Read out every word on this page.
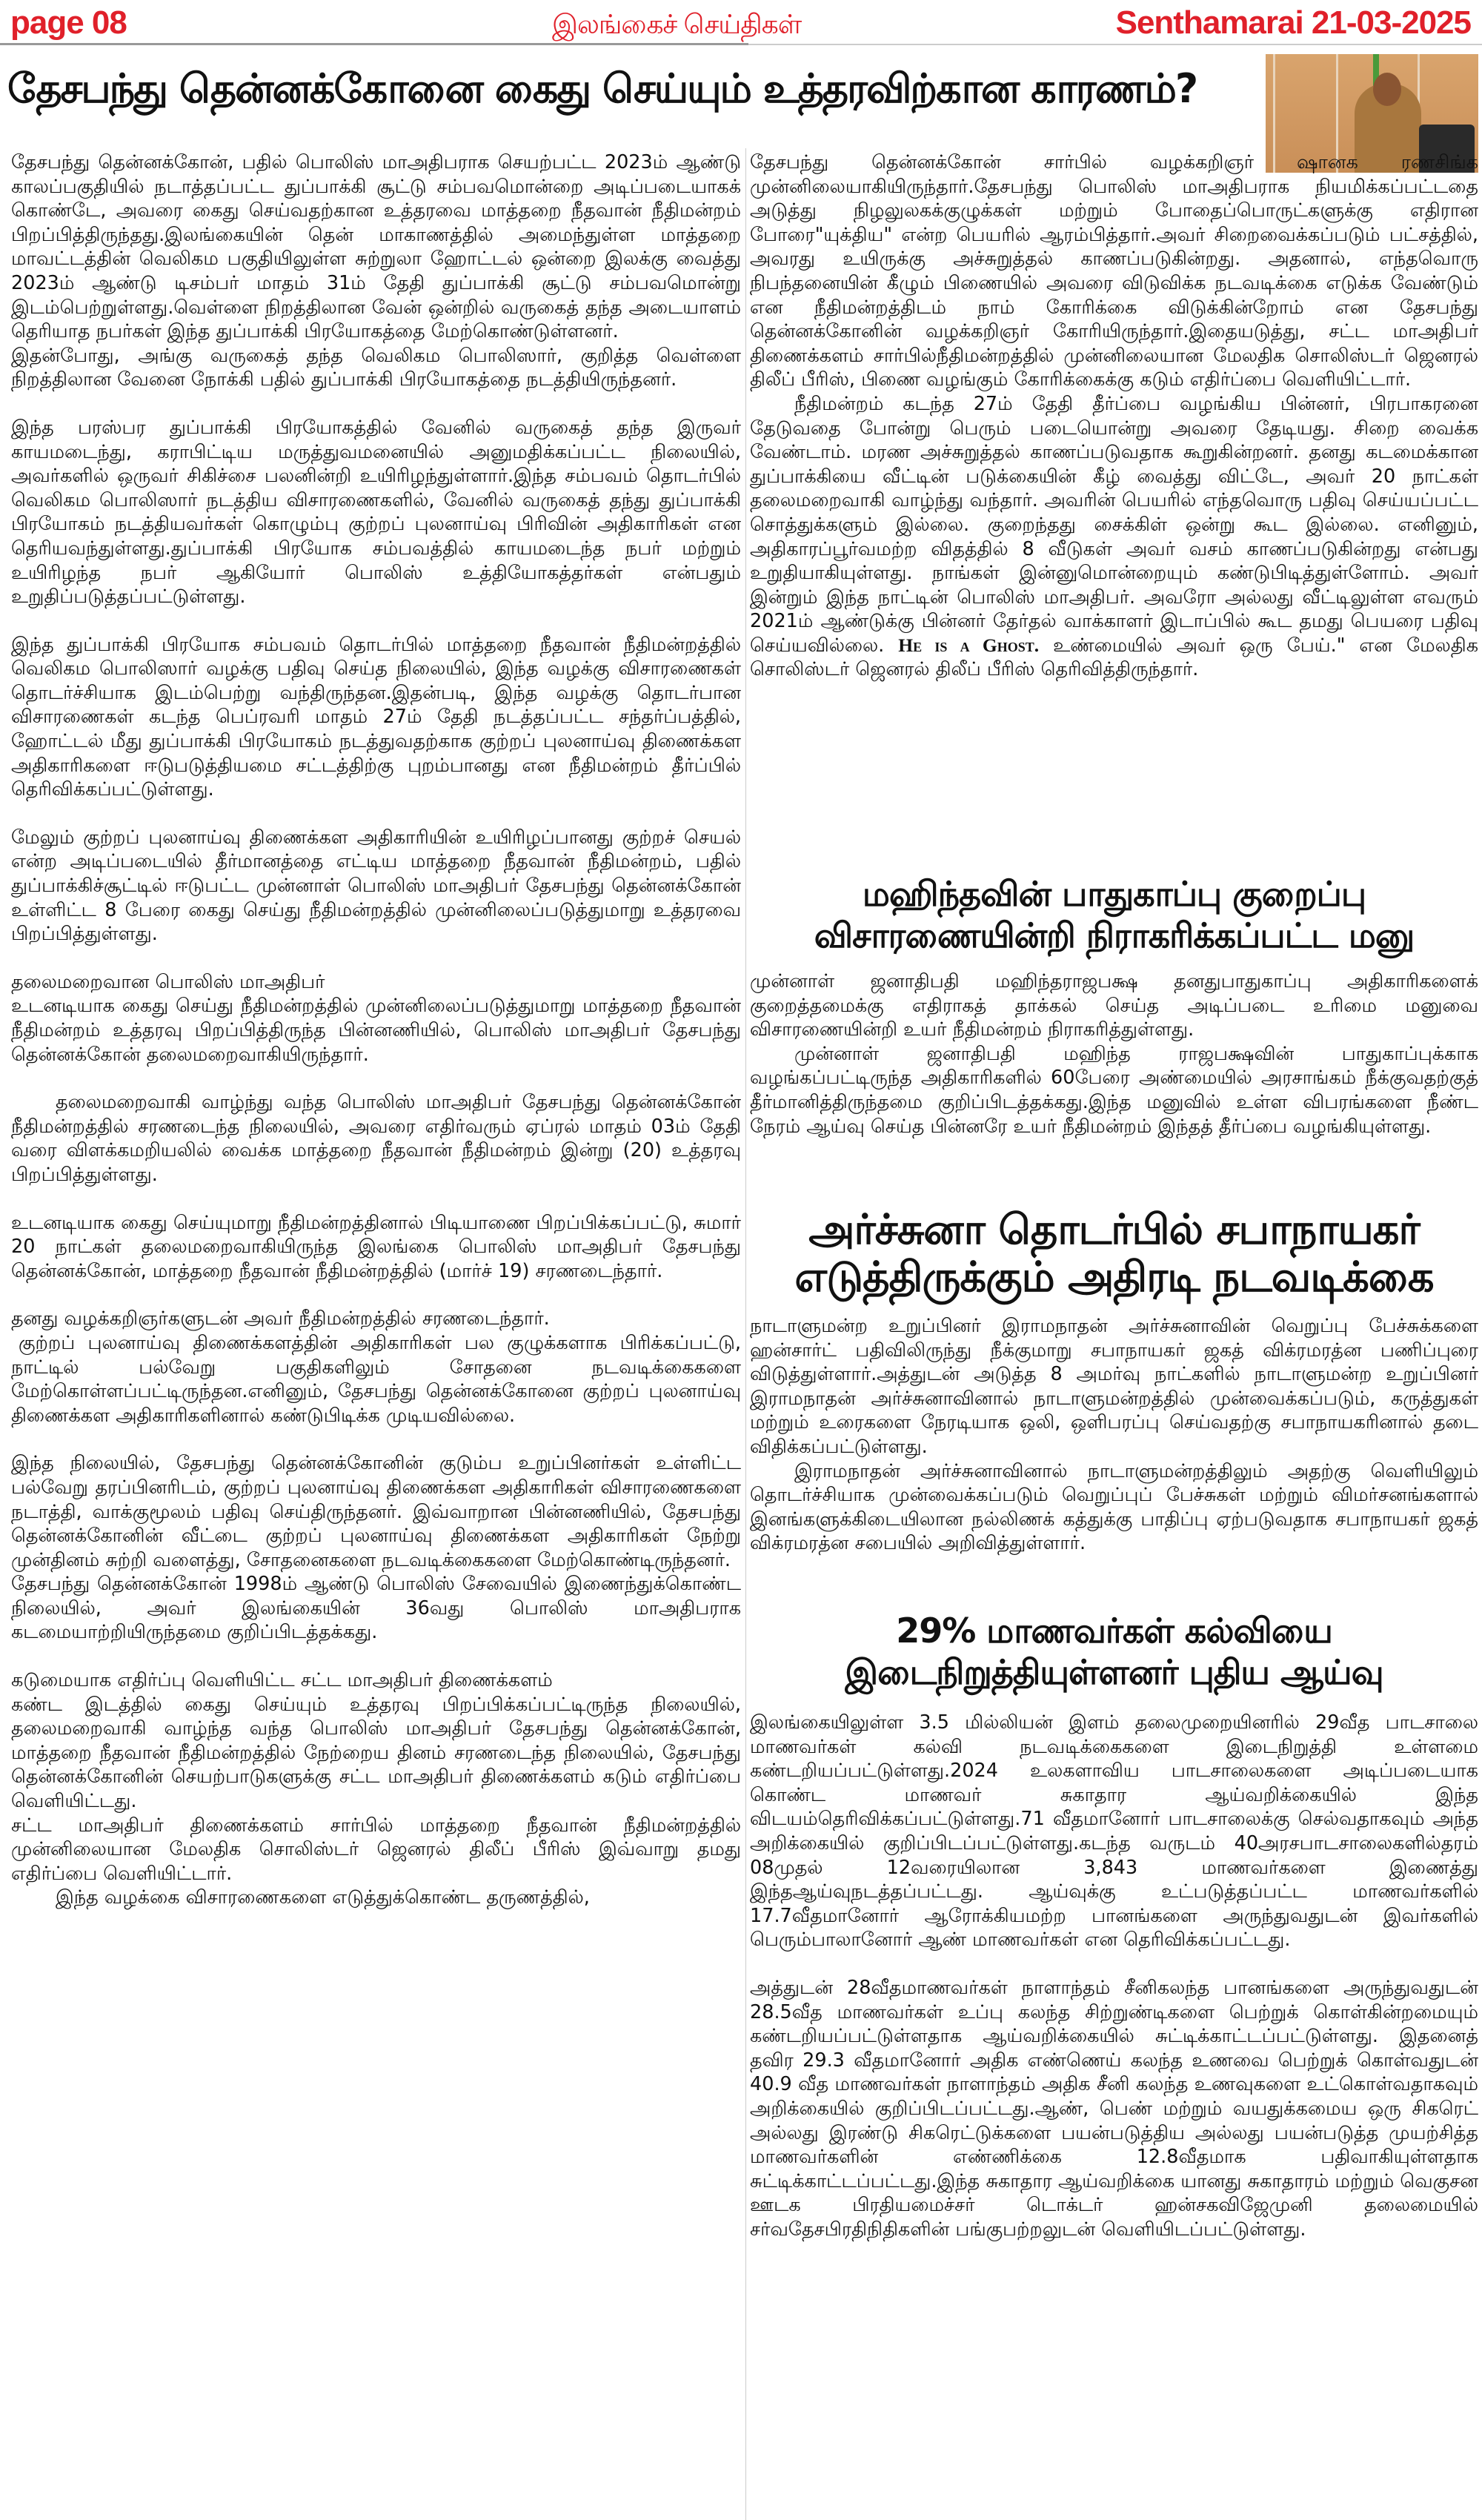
page 08	இலங்கைச் செய்திகள்	Senthamarai 21-03-2025
தேசபந்து தென்னக்கோனை கைது செய்யும் உத்தரவிற்கான காரணம்?

தேசபந்து தென்னக்கோன், பதில் பொலிஸ் மாஅதிபராக செயற்பட்ட 2023ம் ஆண்டு காலப்பகுதியில் நடாத்தப்பட்ட துப்பாக்கி சூட்டு சம்பவமொன்றை அடிப்படையாகக் கொண்டே, அவரை கைது செய்வதற்கான உத்தரவை மாத்தறை நீதவான் நீதிமன்றம் பிறப்பித்திருந்தது.இலங்கையின் தென் மாகாணத்தில் அமைந்துள்ள மாத்தறை மாவட்டத்தின் வெலிகம பகுதியிலுள்ள சுற்றுலா ஹோட்டல் ஒன்றை இலக்கு வைத்து 2023ம் ஆண்டு டிசம்பர் மாதம் 31ம் தேதி துப்பாக்கி சூட்டு சம்பவமொன்று இடம்பெற்றுள்ளது.வெள்ளை நிறத்திலான வேன் ஒன்றில் வருகைத் தந்த அடையாளம் தெரியாத நபர்கள் இந்த துப்பாக்கி பிரயோகத்தை மேற்கொண்டுள்ளனர்.

இதன்போது, அங்கு வருகைத் தந்த வெலிகம பொலிஸார், குறித்த வெள்ளை நிறத்திலான வேனை நோக்கி பதில் துப்பாக்கி பிரயோகத்தை நடத்தியிருந்தனர்.

இந்த பரஸ்பர துப்பாக்கி பிரயோகத்தில் வேனில் வருகைத் தந்த இருவர் காயமடைந்து, கராபிட்டிய மருத்துவமனையில் அனுமதிக்கப்பட்ட நிலையில், அவர்களில் ஒருவர் சிகிச்சை பலனின்றி உயிரிழந்துள்ளார்.இந்த சம்பவம் தொடர்பில் வெலிகம பொலிஸார் நடத்திய விசாரணைகளில், வேனில் வருகைத் தந்து துப்பாக்கி பிரயோகம் நடத்தியவர்கள் கொழும்பு குற்றப் புலனாய்வு பிரிவின் அதிகாரிகள் என தெரியவந்துள்ளது.துப்பாக்கி பிரயோக சம்பவத்தில் காயமடைந்த நபர் மற்றும் உயிரிழந்த நபர் ஆகியோர் பொலிஸ் உத்தியோகத்தர்கள் என்பதும் உறுதிப்படுத்தப்பட்டுள்ளது.

இந்த துப்பாக்கி பிரயோக சம்பவம் தொடர்பில் மாத்தறை நீதவான் நீதிமன்றத்தில் வெலிகம பொலிஸார் வழக்கு பதிவு செய்த நிலையில், இந்த வழக்கு விசாரணைகள் தொடர்ச்சியாக இடம்பெற்று வந்திருந்தன.இதன்படி, இந்த வழக்கு தொடர்பான விசாரணைகள் கடந்த பெப்ரவரி மாதம் 27ம் தேதி நடத்தப்பட்ட சந்தர்ப்பத்தில், ஹோட்டல் மீது துப்பாக்கி பிரயோகம் நடத்துவதற்காக குற்றப் புலனாய்வு திணைக்கள அதிகாரிகளை ஈடுபடுத்தியமை சட்டத்திற்கு புறம்பானது என நீதிமன்றம் தீர்ப்பில் தெரிவிக்கப்பட்டுள்ளது.

மேலும் குற்றப் புலனாய்வு திணைக்கள அதிகாரியின் உயிரிழப்பானது குற்றச் செயல் என்ற அடிப்படையில் தீர்மானத்தை எட்டிய மாத்தறை நீதவான் நீதிமன்றம், பதில் துப்பாக்கிச்சூட்டில் ஈடுபட்ட முன்னாள் பொலிஸ் மாஅதிபர் தேசபந்து தென்னக்கோன் உள்ளிட்ட 8 பேரை கைது செய்து நீதிமன்றத்தில் முன்னிலைப்படுத்துமாறு உத்தரவை பிறப்பித்துள்ளது.

தலைமறைவான பொலிஸ் மாஅதிபர்

உடனடியாக கைது செய்து நீதிமன்றத்தில் முன்னிலைப்படுத்துமாறு மாத்தறை நீதவான் நீதிமன்றம் உத்தரவு பிறப்பித்திருந்த பின்னணியில், பொலிஸ் மாஅதிபர் தேசபந்து தென்னக்கோன் தலைமறைவாகியிருந்தார்.

தலைமறைவாகி வாழ்ந்து வந்த பொலிஸ் மாஅதிபர் தேசபந்து தென்னக்கோன் நீதிமன்றத்தில் சரணடைந்த நிலையில், அவரை எதிர்வரும் ஏப்ரல் மாதம் 03ம் தேதி வரை விளக்கமறியலில் வைக்க மாத்தறை நீதவான் நீதிமன்றம் இன்று (20) உத்தரவு பிறப்பித்துள்ளது.

உடனடியாக கைது செய்யுமாறு நீதிமன்றத்தினால் பிடியாணை பிறப்பிக்கப்பட்டு, சுமார் 20 நாட்கள் தலைமறைவாகியிருந்த இலங்கை பொலிஸ் மாஅதிபர் தேசபந்து தென்னக்கோன், மாத்தறை நீதவான் நீதிமன்றத்தில் (மார்ச் 19) சரணடைந்தார்.

தனது வழக்கறிஞர்களுடன் அவர் நீதிமன்றத்தில் சரணடைந்தார்.

குற்றப் புலனாய்வு திணைக்களத்தின் அதிகாரிகள் பல குழுக்களாக பிரிக்கப்பட்டு, நாட்டில் பல்வேறு பகுதிகளிலும் சோதனை நடவடிக்கைகளை மேற்கொள்ளப்பட்டிருந்தன.எனினும், தேசபந்து தென்னக்கோனை குற்றப் புலனாய்வு திணைக்கள அதிகாரிகளினால் கண்டுபிடிக்க முடியவில்லை.

இந்த நிலையில், தேசபந்து தென்னக்கோனின் குடும்ப உறுப்பினர்கள் உள்ளிட்ட பல்வேறு தரப்பினரிடம், குற்றப் புலனாய்வு திணைக்கள அதிகாரிகள் விசாரணைகளை நடாத்தி, வாக்குமூலம் பதிவு செய்திருந்தனர். இவ்வாறான பின்னணியில், தேசபந்து தென்னக்கோனின் வீட்டை குற்றப் புலனாய்வு திணைக்கள அதிகாரிகள் நேற்று முன்தினம் சுற்றி வளைத்து, சோதனைகளை நடவடிக்கைகளை மேற்கொண்டிருந்தனர்.

தேசபந்து தென்னக்கோன் 1998ம் ஆண்டு பொலிஸ் சேவையில் இணைந்துக்கொண்ட நிலையில், அவர் இலங்கையின் 36வது பொலிஸ் மாஅதிபராக கடமையாற்றியிருந்தமை குறிப்பிடத்தக்கது.

கடுமையாக எதிர்ப்பு வெளியிட்ட சட்ட மாஅதிபர் திணைக்களம்

கண்ட இடத்தில் கைது செய்யும் உத்தரவு பிறப்பிக்கப்பட்டிருந்த நிலையில், தலைமறைவாகி வாழ்ந்த வந்த பொலிஸ் மாஅதிபர் தேசபந்து தென்னக்கோன், மாத்தறை நீதவான் நீதிமன்றத்தில் நேற்றைய தினம் சரணடைந்த நிலையில், தேசபந்து தென்னக்கோனின் செயற்பாடுகளுக்கு சட்ட மாஅதிபர் திணைக்களம் கடும் எதிர்ப்பை வெளியிட்டது.

சட்ட மாஅதிபர் திணைக்களம் சார்பில் மாத்தறை நீதவான் நீதிமன்றத்தில் முன்னிலையான மேலதிக சொலிஸ்டர் ஜெனரல் திலீப் பீரிஸ் இவ்வாறு தமது எதிர்ப்பை வெளியிட்டார்.

இந்த வழக்கை விசாரணைகளை எடுத்துக்கொண்ட தருணத்தில்,

தேசபந்து தென்னக்கோன் சார்பில் வழக்கறிஞர் ஷானக ரணசிங்க முன்னிலையாகியிருந்தார்.தேசபந்து பொலிஸ் மாஅதிபராக நியமிக்கப்பட்டதை அடுத்து நிழலுலகக்குழுக்கள் மற்றும் போதைப்பொருட்களுக்கு எதிரான போரை"யுக்திய" என்ற பெயரில் ஆரம்பித்தார்.அவர் சிறைவைக்கப்படும் பட்சத்தில், அவரது உயிருக்கு அச்சுறுத்தல் காணப்படுகின்றது. அதனால், எந்தவொரு நிபந்தனையின் கீழும் பிணையில் அவரை விடுவிக்க நடவடிக்கை எடுக்க வேண்டும் என நீதிமன்றத்திடம் நாம் கோரிக்கை விடுக்கின்றோம் என தேசபந்து தென்னக்கோனின் வழக்கறிஞர் கோரியிருந்தார்.இதையடுத்து, சட்ட மாஅதிபர் திணைக்களம் சார்பில்நீதிமன்றத்தில் முன்னிலையான மேலதிக சொலிஸ்டர் ஜெனரல் திலீப் பீரிஸ், பிணை வழங்கும் கோரிக்கைக்கு கடும் எதிர்ப்பை வெளியிட்டார்.

நீதிமன்றம் கடந்த 27ம் தேதி தீர்ப்பை வழங்கிய பின்னர், பிரபாகரனை தேடுவதை போன்று பெரும் படையொன்று அவரை தேடியது. சிறை வைக்க வேண்டாம். மரண அச்சுறுத்தல் காணப்படுவதாக கூறுகின்றனர். தனது கடமைக்கான துப்பாக்கியை வீட்டின் படுக்கையின் கீழ் வைத்து விட்டே, அவர் 20 நாட்கள் தலைமறைவாகி வாழ்ந்து வந்தார். அவரின் பெயரில் எந்தவொரு பதிவு செய்யப்பட்ட சொத்துக்களும் இல்லை. குறைந்தது சைக்கிள் ஒன்று கூட இல்லை. எனினும், அதிகாரப்பூர்வமற்ற விதத்தில் 8 வீடுகள் அவர் வசம் காணப்படுகின்றது என்பது உறுதியாகியுள்ளது. நாங்கள் இன்னுமொன்றையும் கண்டுபிடித்துள்ளோம். அவர் இன்றும் இந்த நாட்டின் பொலிஸ் மாஅதிபர். அவரோ அல்லது வீட்டிலுள்ள எவரும் 2021ம் ஆண்டுக்கு பின்னர் தேர்தல் வாக்காளர் இடாப்பில் கூட தமது பெயரை பதிவு செய்யவில்லை. He is a Ghost. உண்மையில் அவர் ஒரு பேய்." என மேலதிக சொலிஸ்டர் ஜெனரல் திலீப் பீரிஸ் தெரிவித்திருந்தார்.

மஹிந்தவின் பாதுகாப்பு குறைப்பு
விசாரணையின்றி நிராகரிக்கப்பட்ட மனு

முன்னாள் ஜனாதிபதி மஹிந்தராஜபக்ஷ தனதுபாதுகாப்பு அதிகாரிகளைக் குறைத்தமைக்கு எதிராகத் தாக்கல் செய்த அடிப்படை உரிமை மனுவை விசாரணையின்றி உயர் நீதிமன்றம் நிராகரித்துள்ளது.

முன்னாள் ஜனாதிபதி மஹிந்த ராஜபக்ஷவின் பாதுகாப்புக்காக வழங்கப்பட்டிருந்த அதிகாரிகளில் 60பேரை அண்மையில் அரசாங்கம் நீக்குவதற்குத் தீர்மானித்திருந்தமை குறிப்பிடத்தக்கது.இந்த மனுவில் உள்ள விபரங்களை நீண்ட நேரம் ஆய்வு செய்த பின்னரே உயர் நீதிமன்றம் இந்தத் தீர்ப்பை வழங்கியுள்ளது.

அர்ச்சுனா தொடர்பில் சபாநாயகர்
எடுத்திருக்கும் அதிரடி நடவடிக்கை

நாடாளுமன்ற உறுப்பினர் இராமநாதன் அர்ச்சுனாவின் வெறுப்பு பேச்சுக்களை ஹன்சார்ட் பதிவிலிருந்து நீக்குமாறு சபாநாயகர் ஜகத் விக்ரமரத்ன பணிப்புரை விடுத்துள்ளார்.அத்துடன் அடுத்த 8 அமர்வு நாட்களில் நாடாளுமன்ற உறுப்பினர் இராமநாதன் அர்ச்சுனாவினால் நாடாளுமன்றத்தில் முன்வைக்கப்படும், கருத்துகள் மற்றும் உரைகளை நேரடியாக ஒலி, ஒளிபரப்பு செய்வதற்கு சபாநாயகரினால் தடை விதிக்கப்பட்டுள்ளது.

இராமநாதன் அர்ச்சுனாவினால் நாடாளுமன்றத்திலும் அதற்கு வெளியிலும் தொடர்ச்சியாக முன்வைக்கப்படும் வெறுப்புப் பேச்சுகள் மற்றும் விமர்சனங்களால் இனங்களுக்கிடையிலான நல்லிணக் கத்துக்கு பாதிப்பு ஏற்படுவதாக சபாநாயகர் ஜகத் விக்ரமரத்ன சபையில் அறிவித்துள்ளார்.

29% மாணவர்கள் கல்வியை
இடைநிறுத்தியுள்ளனர் புதிய ஆய்வு

இலங்கையிலுள்ள 3.5 மில்லியன் இளம் தலைமுறையினரில் 29வீத பாடசாலை மாணவர்கள் கல்வி நடவடிக்கைகளை இடைநிறுத்தி உள்ளமை கண்டறியப்பட்டுள்ளது.2024 உலகளாவிய பாடசாலைகளை அடிப்படையாக கொண்ட மாணவர் சுகாதார ஆய்வறிக்கையில் இந்த விடயம்தெரிவிக்கப்பட்டுள்ளது.71 வீதமானோர் பாடசாலைக்கு செல்வதாகவும் அந்த அறிக்கையில் குறிப்பிடப்பட்டுள்ளது.கடந்த வருடம் 40அரசபாடசாலைகளில்தரம் 08முதல் 12வரையிலான 3,843 மாணவர்களை இணைத்து இந்தஆய்வுநடத்தப்பட்டது. ஆய்வுக்கு உட்படுத்தப்பட்ட மாணவர்களில் 17.7வீதமானோர் ஆரோக்கியமற்ற பானங்களை அருந்துவதுடன் இவர்களில் பெரும்பாலானோர் ஆண் மாணவர்கள் என தெரிவிக்கப்பட்டது.

அத்துடன் 28வீதமாணவர்கள் நாளாந்தம் சீனிகலந்த பானங்களை அருந்துவதுடன் 28.5வீத மாணவர்கள் உப்பு கலந்த சிற்றுண்டிகளை பெற்றுக் கொள்கின்றமையும் கண்டறியப்பட்டுள்ளதாக ஆய்வறிக்கையில் சுட்டிக்காட்டப்பட்டுள்ளது. இதனைத் தவிர 29.3 வீதமானோர் அதிக எண்ணெய் கலந்த உணவை பெற்றுக் கொள்வதுடன் 40.9 வீத மாணவர்கள் நாளாந்தம் அதிக சீனி கலந்த உணவுகளை உட்கொள்வதாகவும் அறிக்கையில் குறிப்பிடப்பட்டது.ஆண், பெண் மற்றும் வயதுக்கமைய ஒரு சிகரெட் அல்லது இரண்டு சிகரெட்டுக்களை பயன்படுத்திய அல்லது பயன்படுத்த முயற்சித்த மாணவர்களின் எண்ணிக்கை 12.8வீதமாக பதிவாகியுள்ளதாக சுட்டிக்காட்டப்பட்டது.இந்த சுகாதார ஆய்வறிக்கை யானது சுகாதாரம் மற்றும் வெகுசன ஊடக பிரதியமைச்சர் டொக்டர் ஹன்சகவிஜேமுனி தலைமையில் சர்வதேசபிரதிநிதிகளின் பங்குபற்றலுடன் வெளியிடப்பட்டுள்ளது.
